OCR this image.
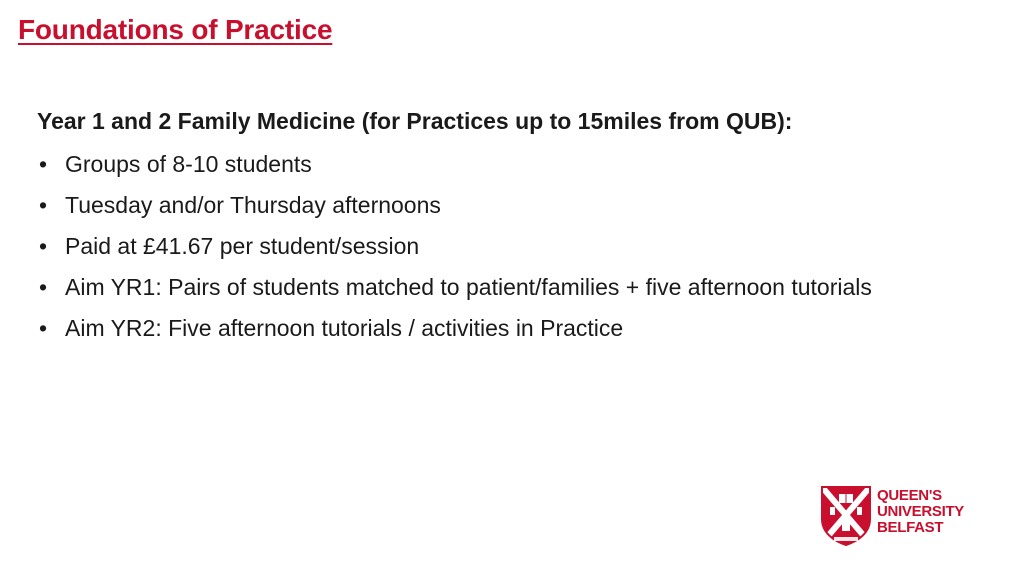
Foundations of Practice
Year 1 and 2 Family Medicine (for Practices up to 15miles from QUB):
• Groups of 8-10 students
• Tuesday and/or Thursday afternoons
• Paid at £41.67 per student/session
• Aim YR1: Pairs of students matched to patient/families + five afternoon tutorials
• Aim YR2: Five afternoon tutorials / activities in Practice
QUEEN'S
UNIVERSITY
BELFAST
